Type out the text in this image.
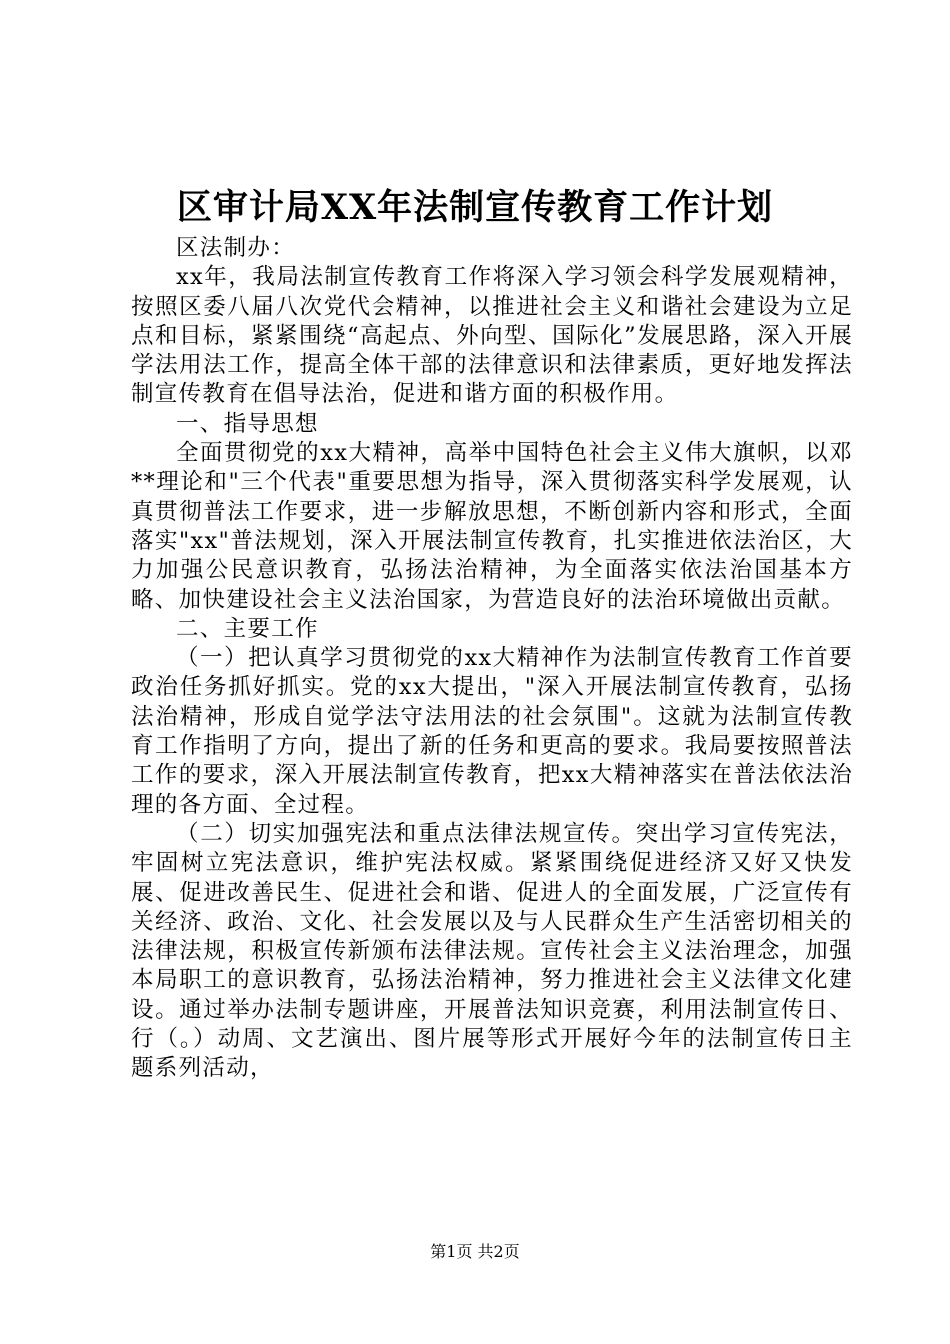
区审计局XX年法制宣传教育工作计划

区法制办：

xx年，我局法制宣传教育工作将深入学习领会科学发展观精神，按照区委八届八次党代会精神，以推进社会主义和谐社会建设为立足点和目标，紧紧围绕“高起点、外向型、国际化”发展思路，深入开展学法用法工作，提高全体干部的法律意识和法律素质，更好地发挥法制宣传教育在倡导法治，促进和谐方面的积极作用。

一、指导思想

全面贯彻党的xx大精神，高举中国特色社会主义伟大旗帜，以邓**理论和"三个代表"重要思想为指导，深入贯彻落实科学发展观，认真贯彻普法工作要求，进一步解放思想，不断创新内容和形式，全面落实"xx"普法规划，深入开展法制宣传教育，扎实推进依法治区，大力加强公民意识教育，弘扬法治精神，为全面落实依法治国基本方略、加快建设社会主义法治国家，为营造良好的法治环境做出贡献。

二、主要工作

（一）把认真学习贯彻党的xx大精神作为法制宣传教育工作首要政治任务抓好抓实。党的xx大提出，"深入开展法制宣传教育，弘扬法治精神，形成自觉学法守法用法的社会氛围"。这就为法制宣传教育工作指明了方向，提出了新的任务和更高的要求。我局要按照普法工作的要求，深入开展法制宣传教育，把xx大精神落实在普法依法治理的各方面、全过程。

（二）切实加强宪法和重点法律法规宣传。突出学习宣传宪法，牢固树立宪法意识，维护宪法权威。紧紧围绕促进经济又好又快发展、促进改善民生、促进社会和谐、促进人的全面发展，广泛宣传有关经济、政治、文化、社会发展以及与人民群众生产生活密切相关的法律法规，积极宣传新颁布法律法规。宣传社会主义法治理念，加强本局职工的意识教育，弘扬法治精神，努力推进社会主义法律文化建设。通过举办法制专题讲座，开展普法知识竞赛，利用法制宣传日、行（。）动周、文艺演出、图片展等形式开展好今年的法制宣传日主题系列活动，

第1页 共2页
